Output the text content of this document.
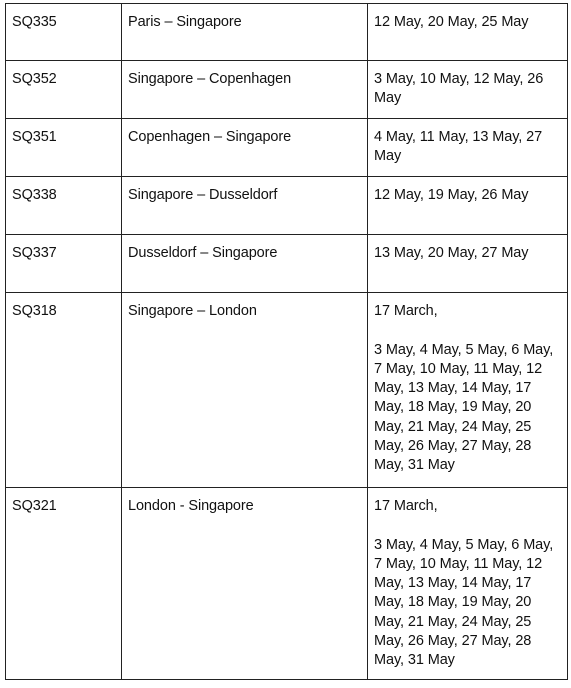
SQ335	Paris – Singapore	12 May, 20 May, 25 May

SQ352	Singapore – Copenhagen	3 May, 10 May, 12 May, 26 May

SQ351	Copenhagen – Singapore	4 May, 11 May, 13 May, 27 May

SQ338	Singapore – Dusseldorf	12 May, 19 May, 26 May

SQ337	Dusseldorf – Singapore	13 May, 20 May, 27 May

SQ318	Singapore – London	17 March,
3 May, 4 May, 5 May, 6 May, 7 May, 10 May, 11 May, 12 May, 13 May, 14 May, 17 May, 18 May, 19 May, 20 May, 21 May, 24 May, 25 May, 26 May, 27 May, 28 May, 31 May

SQ321	London - Singapore	17 March,
3 May, 4 May, 5 May, 6 May, 7 May, 10 May, 11 May, 12 May, 13 May, 14 May, 17 May, 18 May, 19 May, 20 May, 21 May, 24 May, 25 May, 26 May, 27 May, 28 May, 31 May
